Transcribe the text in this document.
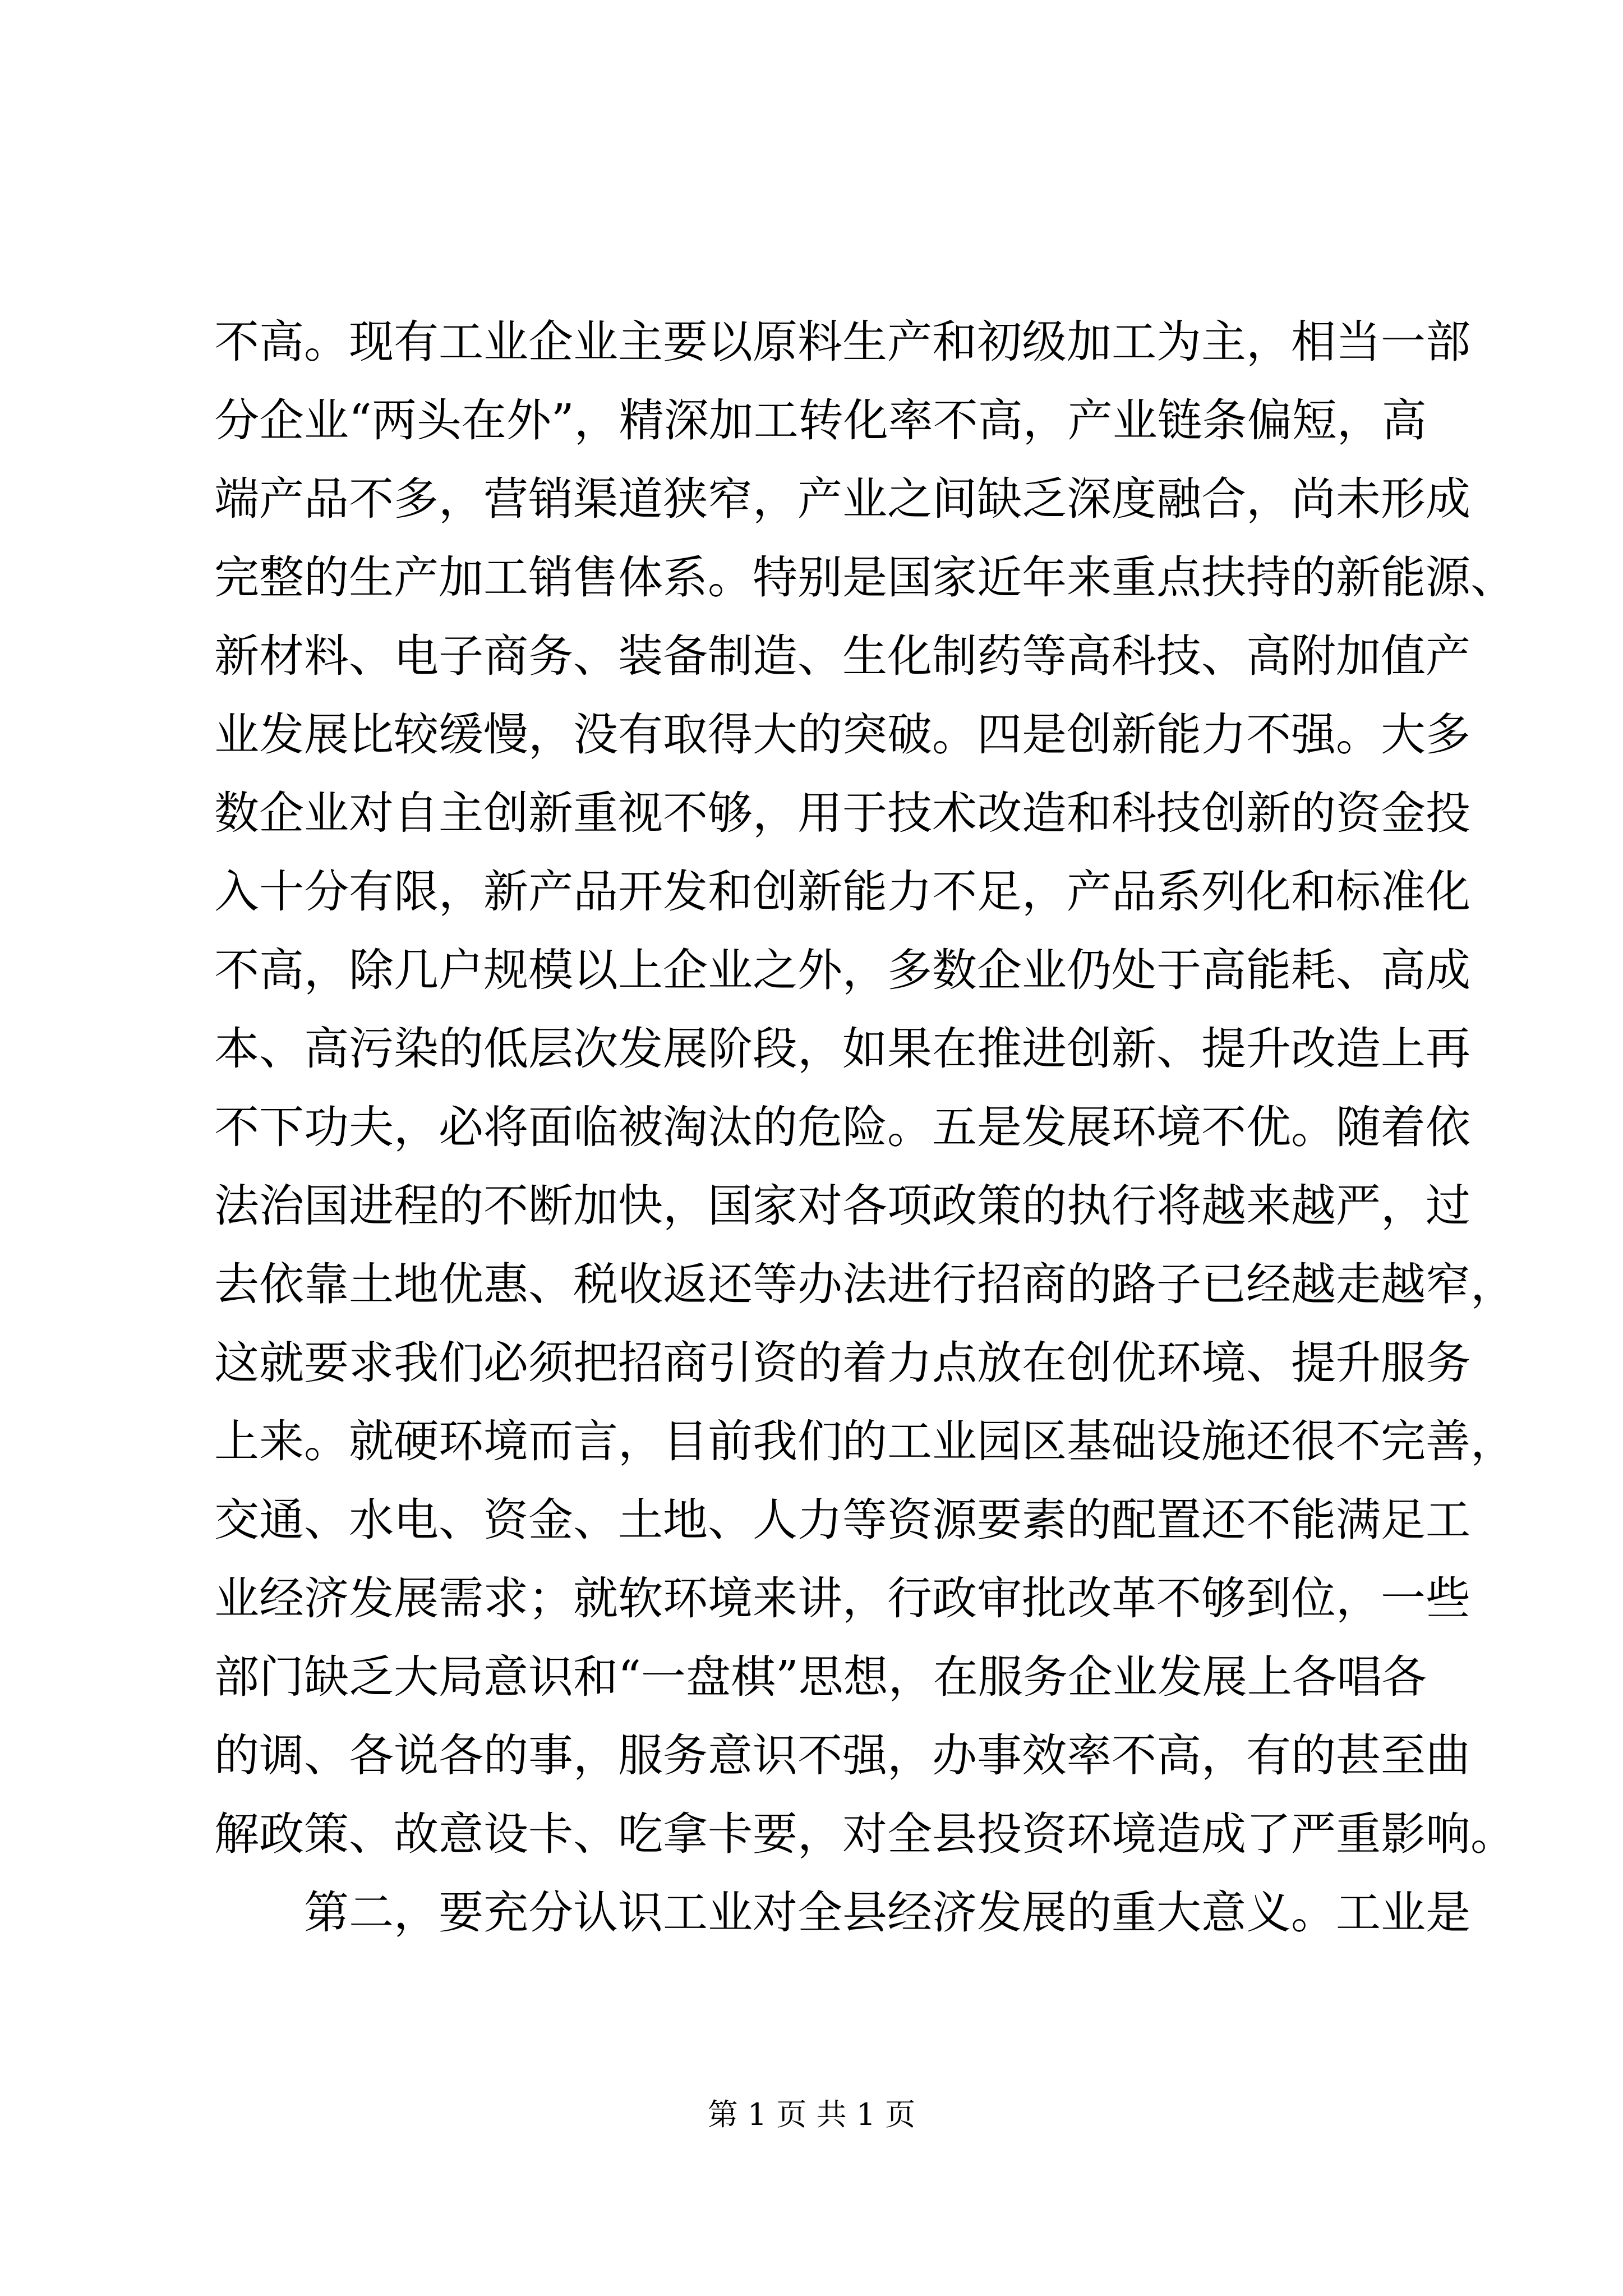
不高。现有工业企业主要以原料生产和初级加工为主，相当一部
分企业“两头在外”，精深加工转化率不高，产业链条偏短，高
端产品不多，营销渠道狭窄，产业之间缺乏深度融合，尚未形成
完整的生产加工销售体系。特别是国家近年来重点扶持的新能源、
新材料、电子商务、装备制造、生化制药等高科技、高附加值产
业发展比较缓慢，没有取得大的突破。四是创新能力不强。大多
数企业对自主创新重视不够，用于技术改造和科技创新的资金投
入十分有限，新产品开发和创新能力不足，产品系列化和标准化
不高，除几户规模以上企业之外，多数企业仍处于高能耗、高成
本、高污染的低层次发展阶段，如果在推进创新、提升改造上再
不下功夫，必将面临被淘汰的危险。五是发展环境不优。随着依
法治国进程的不断加快，国家对各项政策的执行将越来越严，过
去依靠土地优惠、税收返还等办法进行招商的路子已经越走越窄，
这就要求我们必须把招商引资的着力点放在创优环境、提升服务
上来。就硬环境而言，目前我们的工业园区基础设施还很不完善，
交通、水电、资金、土地、人力等资源要素的配置还不能满足工
业经济发展需求；就软环境来讲，行政审批改革不够到位，一些
部门缺乏大局意识和“一盘棋”思想，在服务企业发展上各唱各
的调、各说各的事，服务意识不强，办事效率不高，有的甚至曲
解政策、故意设卡、吃拿卡要，对全县投资环境造成了严重影响。
第二，要充分认识工业对全县经济发展的重大意义。工业是
第 1 页 共 1 页
